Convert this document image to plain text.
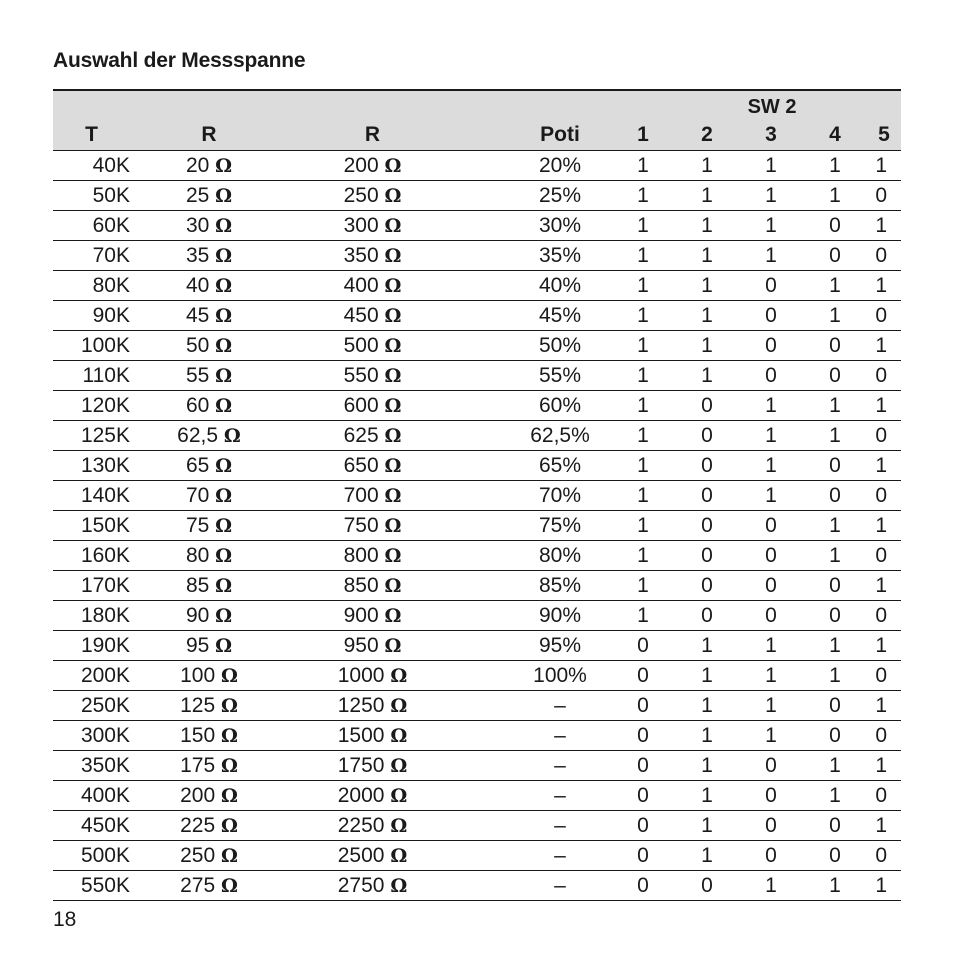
Auswahl der Messspanne
				SW 2				
T	R	R	Poti	1	2	3	4	5
40K	20 Ω	200 Ω	20%	1	1	1	1	1
50K	25 Ω	250 Ω	25%	1	1	1	1	0
60K	30 Ω	300 Ω	30%	1	1	1	0	1
70K	35 Ω	350 Ω	35%	1	1	1	0	0
80K	40 Ω	400 Ω	40%	1	1	0	1	1
90K	45 Ω	450 Ω	45%	1	1	0	1	0
100K	50 Ω	500 Ω	50%	1	1	0	0	1
110K	55 Ω	550 Ω	55%	1	1	0	0	0
120K	60 Ω	600 Ω	60%	1	0	1	1	1
125K	62,5 Ω	625 Ω	62,5%	1	0	1	1	0
130K	65 Ω	650 Ω	65%	1	0	1	0	1
140K	70 Ω	700 Ω	70%	1	0	1	0	0
150K	75 Ω	750 Ω	75%	1	0	0	1	1
160K	80 Ω	800 Ω	80%	1	0	0	1	0
170K	85 Ω	850 Ω	85%	1	0	0	0	1
180K	90 Ω	900 Ω	90%	1	0	0	0	0
190K	95 Ω	950 Ω	95%	0	1	1	1	1
200K	100 Ω	1000 Ω	100%	0	1	1	1	0
250K	125 Ω	1250 Ω	–	0	1	1	0	1
300K	150 Ω	1500 Ω	–	0	1	1	0	0
350K	175 Ω	1750 Ω	–	0	1	0	1	1
400K	200 Ω	2000 Ω	–	0	1	0	1	0
450K	225 Ω	2250 Ω	–	0	1	0	0	1
500K	250 Ω	2500 Ω	–	0	1	0	0	0
550K	275 Ω	2750 Ω	–	0	0	1	1	1
18
